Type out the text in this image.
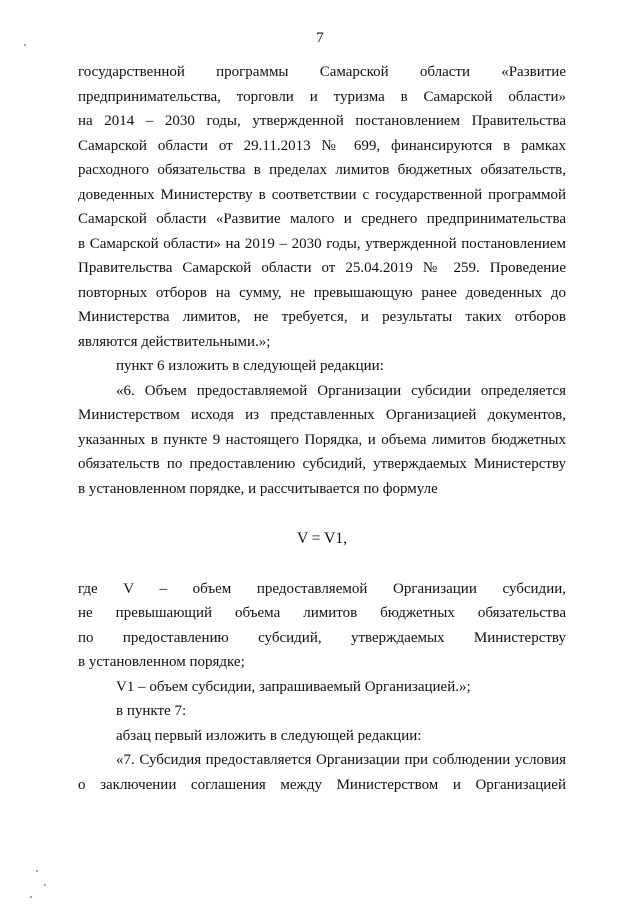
7
государственной программы Самарской области «Развитие
предпринимательства, торговли и туризма в Самарской области»
на 2014 – 2030 годы, утвержденной постановлением Правительства
Самарской области от 29.11.2013 № 699, финансируются в рамках
расходного обязательства в пределах лимитов бюджетных обязательств,
доведенных Министерству в соответствии с государственной программой
Самарской области «Развитие малого и среднего предпринимательства
в Самарской области» на 2019 – 2030 годы, утвержденной постановлением
Правительства Самарской области от 25.04.2019 № 259. Проведение
повторных отборов на сумму, не превышающую ранее доведенных до
Министерства лимитов, не требуется, и результаты таких отборов
являются действительными.»;
пункт 6 изложить в следующей редакции:
«6. Объем предоставляемой Организации субсидии определяется
Министерством исходя из представленных Организацией документов,
указанных в пункте 9 настоящего Порядка, и объема лимитов бюджетных
обязательств по предоставлению субсидий, утверждаемых Министерству
в установленном порядке, и рассчитывается по формуле
V = V1,
где V – объем предоставляемой Организации субсидии,
не превышающий объема лимитов бюджетных обязательства
по предоставлению субсидий, утверждаемых Министерству
в установленном порядке;
V1 – объем субсидии, запрашиваемый Организацией.»;
в пункте 7:
абзац первый изложить в следующей редакции:
«7. Субсидия предоставляется Организации при соблюдении условия
о заключении соглашения между Министерством и Организацией
